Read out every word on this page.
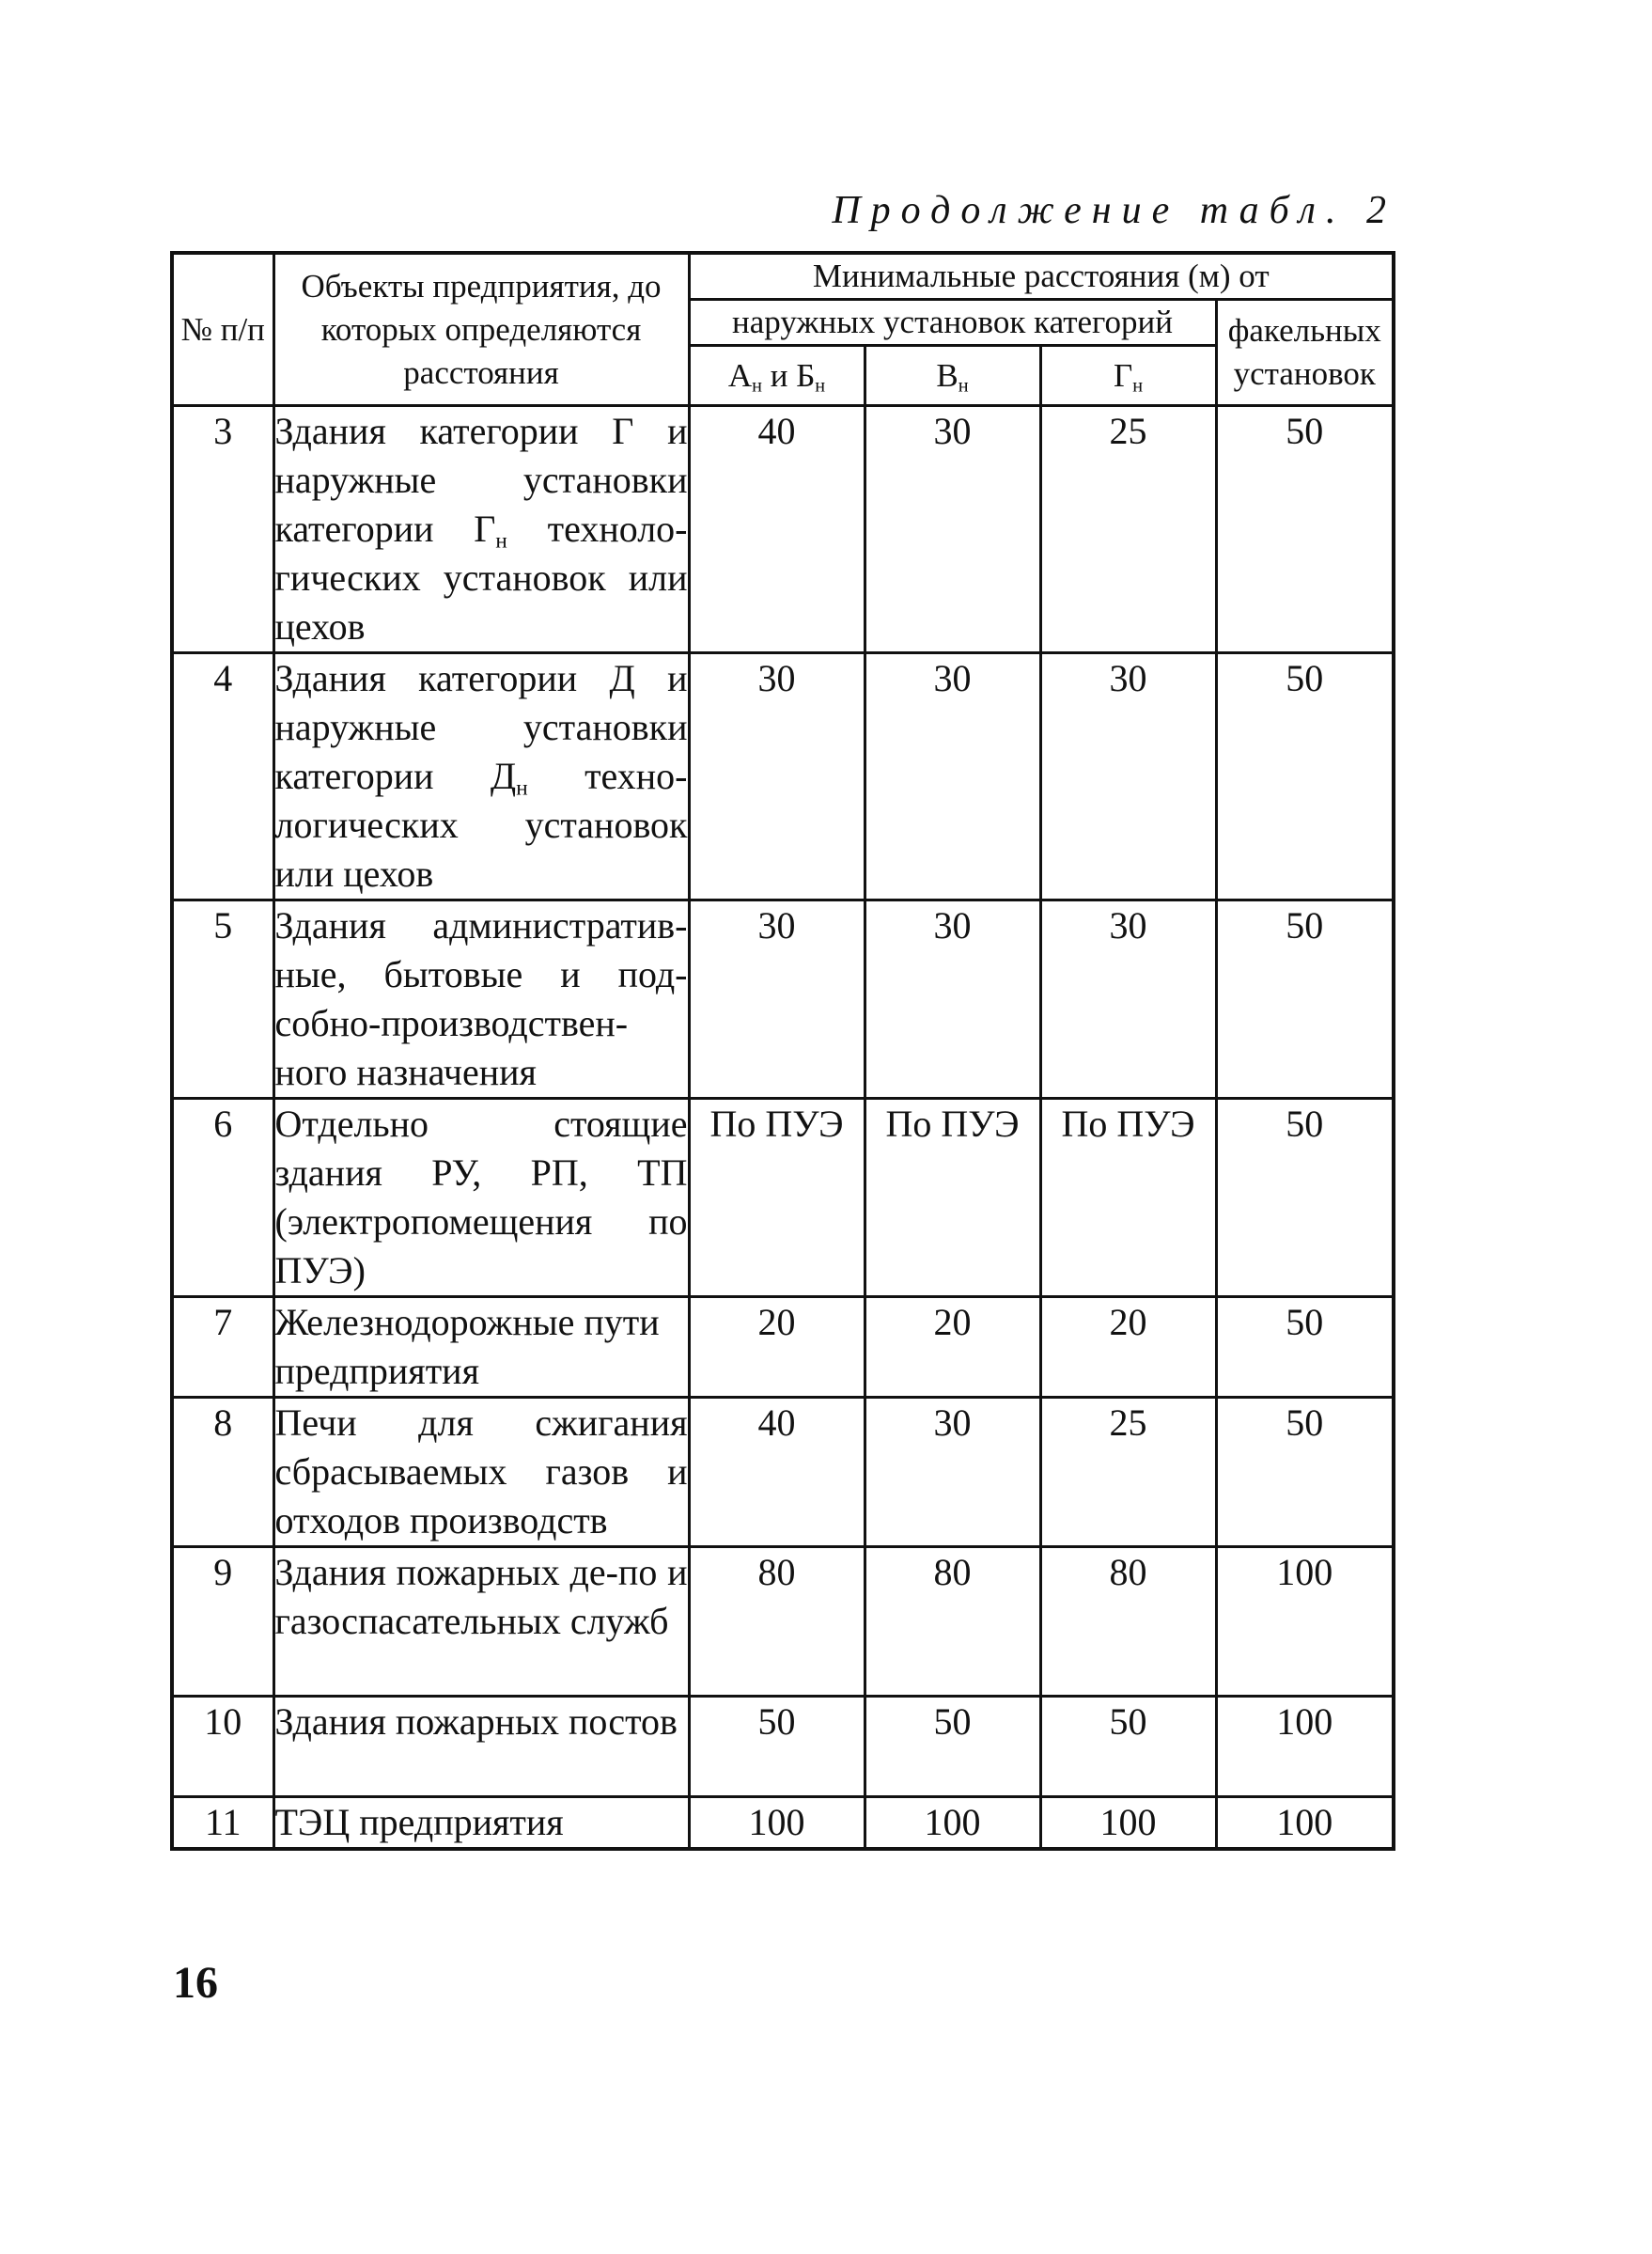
Продолжение табл. 2
№ п/п	Объекты предприятия, до которых определяются расстояния	Минимальные расстояния (м) от			
		наружных установок категорий			факельных установок
		$А_н$ и $Б_н$	$В_н$	$Г_н$
3	Здания категории Г и наружные установки категории $Г_н$ техноло-гических установок или цехов	40	30	25	50
4	Здания категории Д и наружные установки категории $Д_н$ техно-логических установок или цехов	30	30	30	50
5	Здания административ-ные, бытовые и под-собно-производствен-ного назначения	30	30	30	50
6	Отдельно стоящие здания РУ, РП, ТП (электропомещения по ПУЭ)	По ПУЭ	По ПУЭ	По ПУЭ	50
7	Железнодорожные пути предприятия	20	20	20	50
8	Печи для сжигания сбрасываемых газов и отходов производств	40	30	25	50
9	Здания пожарных де-по и газоспасательных служб	80	80	80	100
10	Здания пожарных постов	50	50	50	100
11	ТЭЦ предприятия	100	100	100	100
16
